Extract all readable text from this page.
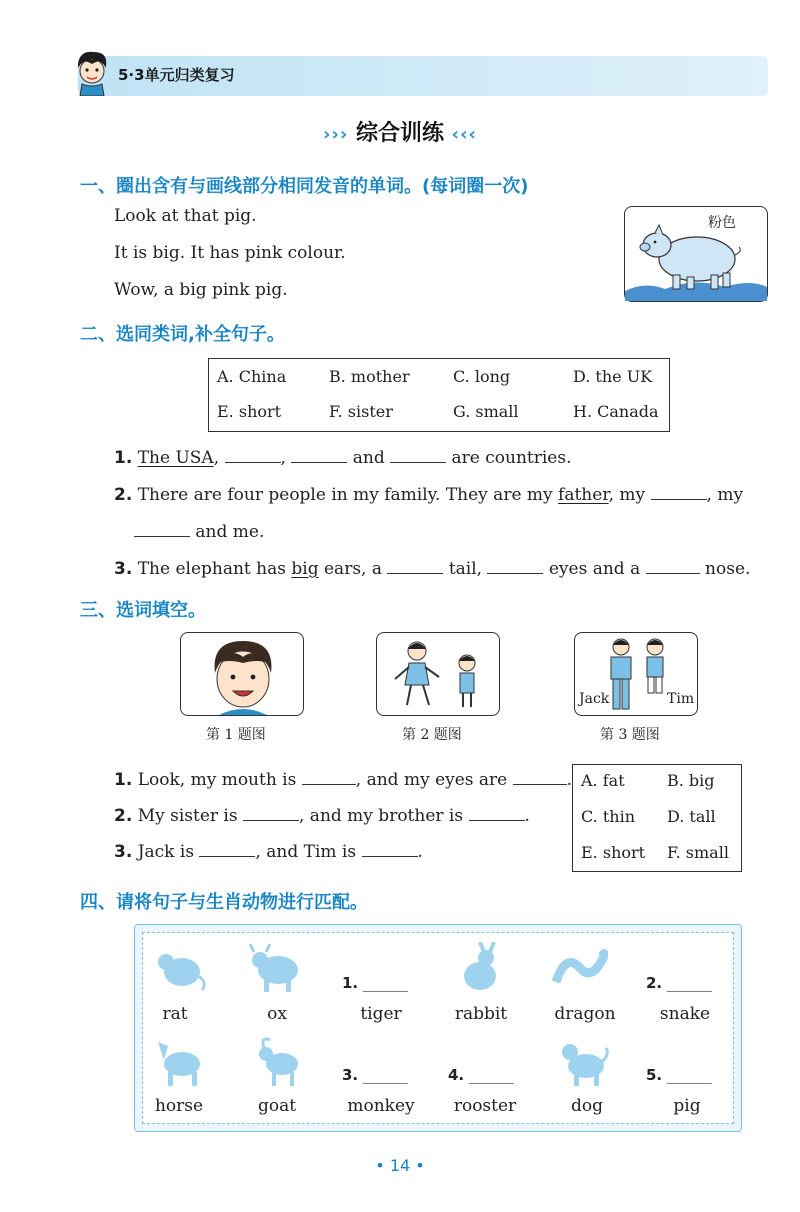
5·3单元归类复习
››› 综合训练 ‹‹‹
一、圈出含有与画线部分相同发音的单词。(每词圈一次)
Look at that pig.
It is big. It has pink colour.
Wow, a big pink pig.
粉色
二、选同类词,补全句子。
A. China	B. mother	C. long	D. the UK
E. short	F. sister	G. small	H. Canada
1. The USA,	,	and	are countries.
2. There are four people in my family. They are my father, my	, my
and me.
3. The elephant has big ears, a	tail,	eyes and a	nose.
三、选词填空。
Jack	Tim
第 1 题图	第 2 题图	第 3 题图
1. Look, my mouth is	, and my eyes are	.
2. My sister is	, and my brother is	.
3. Jack is	, and Tim is	.
A. fat	B. big
C. thin D. tall
E. short F. small
四、请将句子与生肖动物进行匹配。
rat	ox	tiger	rabbit	dragon	snake
horse	goat	monkey	rooster	dog	pig
1. ______	2. ______
3. ______	4. ______	5. ______
• 14 •
